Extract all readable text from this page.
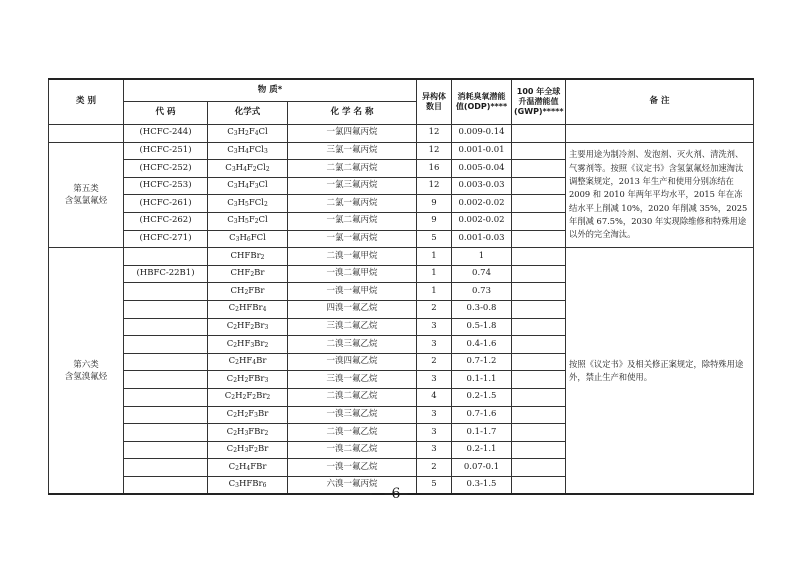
类 别	物 质*			异构体数目	消耗臭氧潜能值(ODP)****	100 年全球升温潜能值(GWP)*****	备 注
	代 码	化学式	化 学 名 称				
	(HCFC-244)	$C_3H_2F_4Cl$	一氯四氟丙烷	12	0.009-0.14		

第五类
含氢氯氟烃	(HCFC-251)	$C_3H_4FCl_3$	三氯一氟丙烷	12	0.001-0.01		主要用途为制冷剂、发泡剂、灭火剂、清洗剂、气雾剂等。按照《议定书》含氢氯氟烃加速淘汰调整案规定，2013 年生产和使用分别冻结在 2009 和 2010 年两年平均水平，2015 年在冻结水平上削减 10%，2020 年削减 35%，2025 年削减 67.5%，2030 年实现除维修和特殊用途以外的完全淘汰。
	(HCFC-252)	$C_3H_4F_2Cl_2$	二氯二氟丙烷	16	0.005-0.04		
	(HCFC-253)	$C_3H_4F_3Cl$	一氯三氟丙烷	12	0.003-0.03		
	(HCFC-261)	$C_3H_5FCl_2$	二氯一氟丙烷	9	0.002-0.02		
	(HCFC-262)	$C_3H_5F_2Cl$	一氯二氟丙烷	9	0.002-0.02		
	(HCFC-271)	$C_3H_6FCl$	一氯一氟丙烷	5	0.001-0.03		

第六类
含氢溴氟烃		CHFBr$_2$	二溴一氟甲烷	1	1		按照《议定书》及相关修正案规定，除特殊用途外，禁止生产和使用。
	(HBFC-22B1)	$CHF_2Br$	一溴二氟甲烷	1	0.74		
		$CH_2FBr$	一溴一氟甲烷	1	0.73		
		$C_2HFBr_4$	四溴一氟乙烷	2	0.3-0.8		
		$C_2HF_2Br_3$	三溴二氟乙烷	3	0.5-1.8		
		$C_2HF_3Br_2$	二溴三氟乙烷	3	0.4-1.6		
		$C_2HF_4Br$	一溴四氟乙烷	2	0.7-1.2		
		$C_2H_2FBr_3$	三溴一氟乙烷	3	0.1-1.1		
		$C_2H_2F_2Br_2$	二溴二氟乙烷	4	0.2-1.5		
		$C_2H_2F_3Br$	一溴三氟乙烷	3	0.7-1.6		
		$C_2H_3FBr_2$	二溴一氟乙烷	3	0.1-1.7		
		$C_2H_3F_2Br$	一溴二氟乙烷	3	0.2-1.1		
		$C_2H_4FBr$	一溴一氟乙烷	2	0.07-0.1		
		$C_3HFBr_6$	六溴一氟丙烷	5	0.3-1.5		
— 6 —
